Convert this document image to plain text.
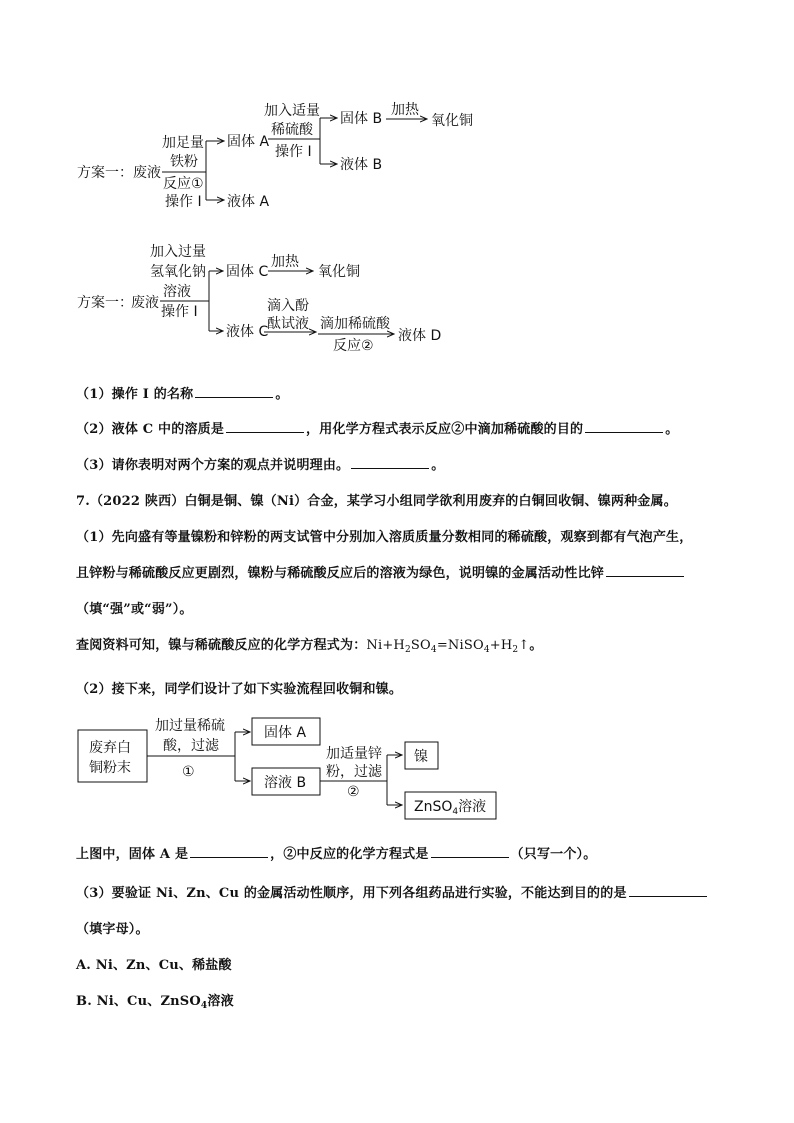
方案一： 废液
加足量
铁粉
反应①
操作 I
固体 A
液体 A
加入适量
稀硫酸
操作 I
固体 B
液体 B
加热
氧化铜
方案一：
废液
加入过量
氢氧化钠
溶液
操作 I
固体 C
加热
氧化铜
液体 C
滴入酚
酞试液 滴加稀硫酸
反应②
液体 D
（1）操作 I 的名称	。
（2）液体 C 中的溶质是	，用化学方程式表示反应②中滴加稀硫酸的目的	。
（3）请你表明对两个方案的观点并说明理由。	。
7.（2022 陕西）白铜是铜、镍（Ni）合金，某学习小组同学欲利用废弃的白铜回收铜、镍两种金属。
（1）先向盛有等量镍粉和锌粉的两支试管中分别加入溶质质量分数相同的稀硫酸，观察到都有气泡产生，
且锌粉与稀硫酸反应更剧烈，镍粉与稀硫酸反应后的溶液为绿色，说明镍的金属活动性比锌
（填“强”或“弱”）。
查阅资料可知，镍与稀硫酸反应的化学方程式为：$Ni+H_2SO_4=NiSO_4+H_2↑$。
（2）接下来，同学们设计了如下实验流程回收铜和镍。
废弃白
铜粉末
加过量稀硫
酸，过滤
①
固体 A
溶液 B
加适量锌
粉，过滤
②
镍
ZnSO$_4$溶液
上图中，固体 A 是	，②中反应的化学方程式是	（只写一个）。
（3）要验证 Ni、Zn、Cu 的金属活动性顺序，用下列各组药品进行实验，不能达到目的的是
（填字母）。
A. Ni、Zn、Cu、稀盐酸
B. Ni、Cu、ZnSO$_4$溶液
